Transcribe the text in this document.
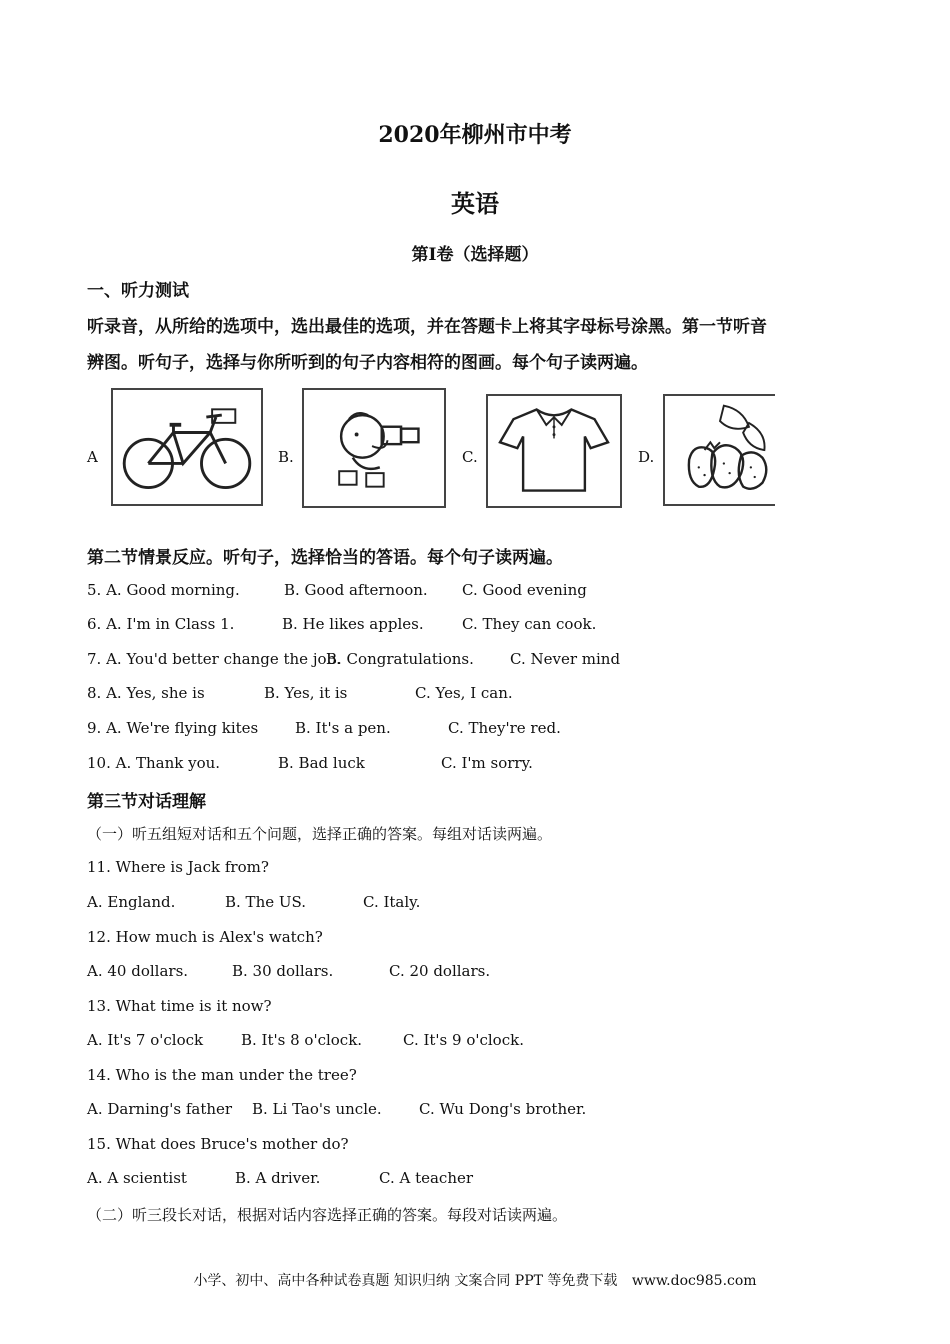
2020年柳州市中考
英语
第Ⅰ卷（选择题）
一、听力测试
听录音，从所给的选项中，选出最佳的选项，并在答题卡上将其字母标号涂黑。第一节听音
辨图。听句子，选择与你所听到的句子内容相符的图画。每个句子读两遍。
A	B.	C.	D.
第二节情景反应。听句子，选择恰当的答语。每个句子读两遍。
5. A. Good morning.	B. Good afternoon. C. Good evening
6. A. I'm in Class 1.	B. He likes apples.	C. They can cook.
7. A. You'd better change the job.
B. Congratulations. C. Never mind
8. A. Yes, she is	B. Yes, it is	C. Yes, I can.
9. A. We're flying kites B. It's a pen.	C. They're red.
10. A. Thank you.	B. Bad luck	C. I'm sorry.
第三节对话理解
（一）听五组短对话和五个问题，选择正确的答案。每组对话读两遍。
11. Where is Jack from?
A. England.	B. The US.	C. Italy.
12. How much is Alex's watch?
A. 40 dollars.	B. 30 dollars.	C. 20 dollars.
13. What time is it now?
A. It's 7 o'clock	B. It's 8 o'clock.	C. It's 9 o'clock.
14. Who is the man under the tree?
A. Darning's father B. Li Tao's uncle. C. Wu Dong's brother.
15. What does Bruce's mother do?
A. A scientist	B. A driver.	C. A teacher
（二）听三段长对话，根据对话内容选择正确的答案。每段对话读两遍。
小学、初中、高中各种试卷真题 知识归纳 文案合同 PPT 等免费下载 www.doc985.com
